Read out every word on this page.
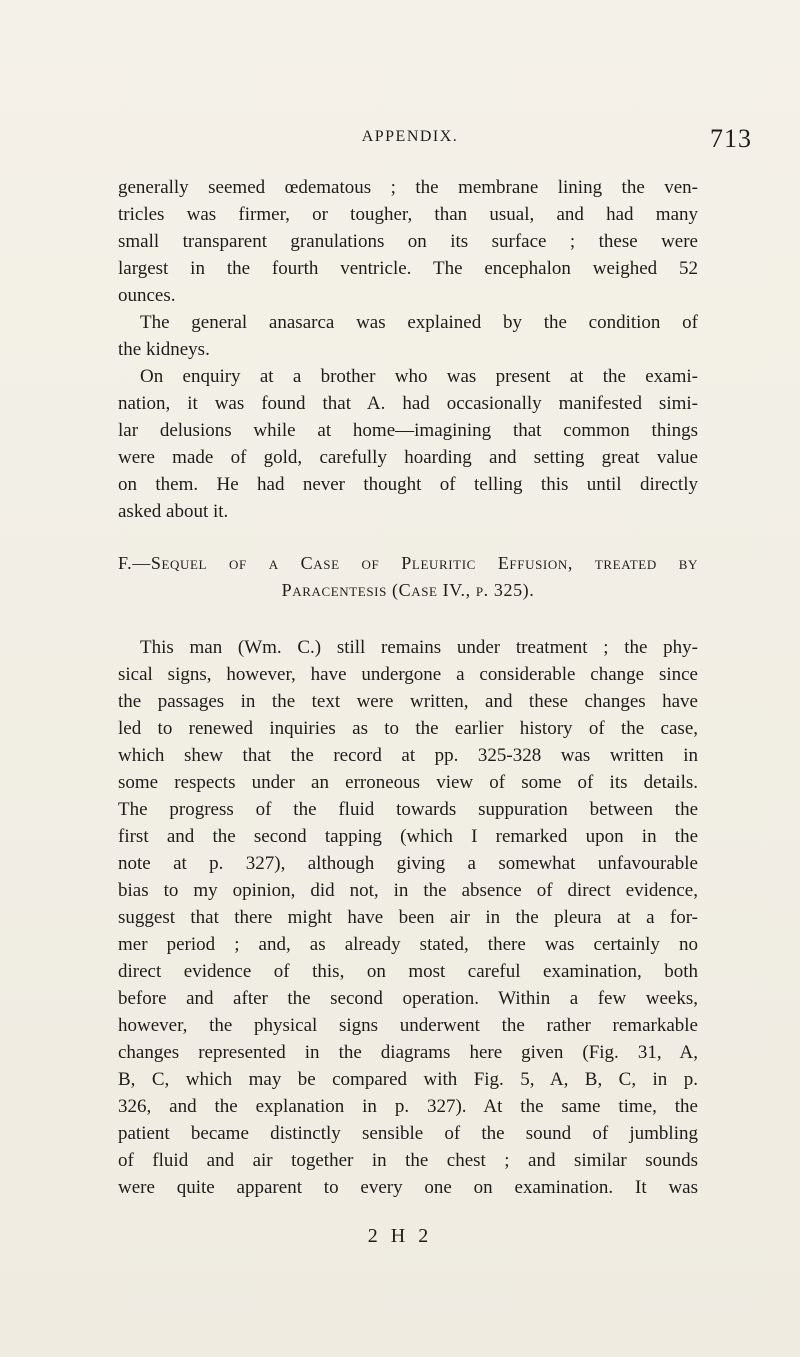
APPENDIX.	713
generally seemed œdematous ; the membrane lining the ven-
tricles was firmer, or tougher, than usual, and had many
small transparent granulations on its surface ; these were
largest in the fourth ventricle. The encephalon weighed 52
ounces.
The general anasarca was explained by the condition of
the kidneys.
On enquiry at a brother who was present at the exami-
nation, it was found that A. had occasionally manifested simi-
lar delusions while at home—imagining that common things
were made of gold, carefully hoarding and setting great value
on them. He had never thought of telling this until directly
asked about it.
F.—Sequel of a Case of Pleuritic Effusion, treated by
Paracentesis (Case IV., p. 325).
This man (Wm. C.) still remains under treatment ; the phy-
sical signs, however, have undergone a considerable change since
the passages in the text were written, and these changes have
led to renewed inquiries as to the earlier history of the case,
which shew that the record at pp. 325-328 was written in
some respects under an erroneous view of some of its details.
The progress of the fluid towards suppuration between the
first and the second tapping (which I remarked upon in the
note at p. 327), although giving a somewhat unfavourable
bias to my opinion, did not, in the absence of direct evidence,
suggest that there might have been air in the pleura at a for-
mer period ; and, as already stated, there was certainly no
direct evidence of this, on most careful examination, both
before and after the second operation. Within a few weeks,
however, the physical signs underwent the rather remarkable
changes represented in the diagrams here given (Fig. 31, A,
B, C, which may be compared with Fig. 5, A, B, C, in p.
326, and the explanation in p. 327). At the same time, the
patient became distinctly sensible of the sound of jumbling
of fluid and air together in the chest ; and similar sounds
were quite apparent to every one on examination. It was
2 H 2
